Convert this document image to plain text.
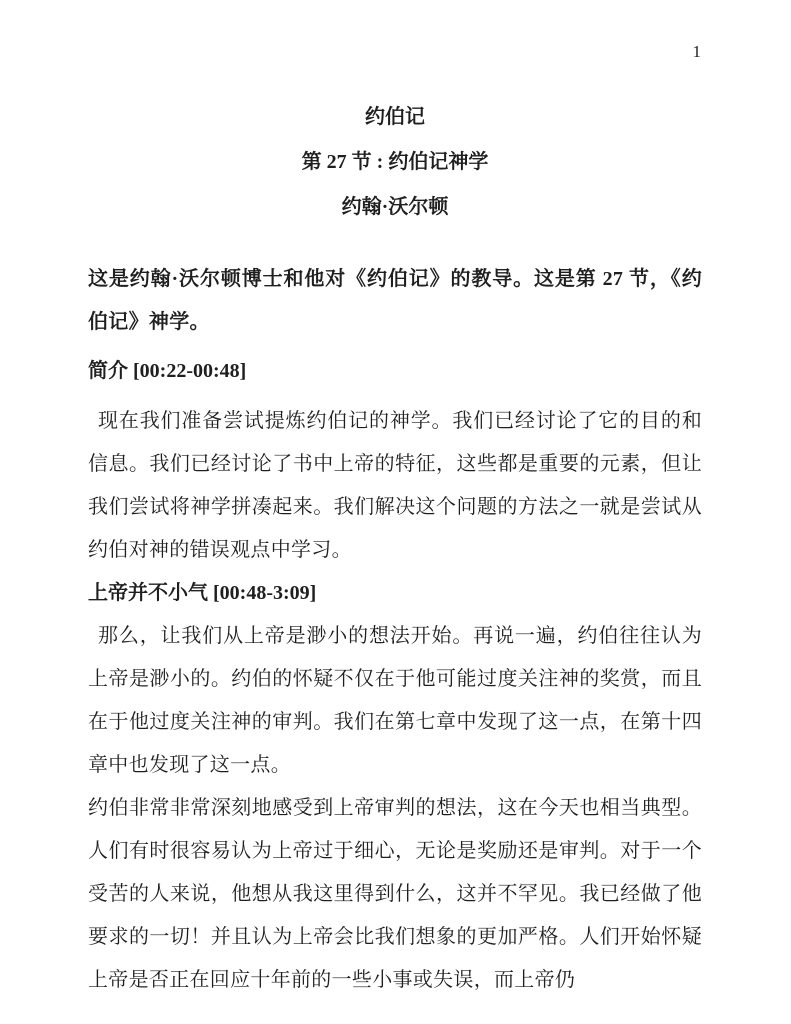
1
约伯记
第 27 节 : 约伯记神学
约翰·沃尔顿

这是约翰·沃尔顿博士和他对《约伯记》的教导。这是第 27 节，《约伯记》神学。

简介 [00:22-00:48]

现在我们准备尝试提炼约伯记的神学。我们已经讨论了它的目的和信息。我们已经讨论了书中上帝的特征，这些都是重要的元素，但让我们尝试将神学拼凑起来。我们解决这个问题的方法之一就是尝试从约伯对神的错误观点中学习。

上帝并不小气 [00:48-3:09]

那么，让我们从上帝是渺小的想法开始。再说一遍，约伯往往认为上帝是渺小的。约伯的怀疑不仅在于他可能过度关注神的奖赏，而且在于他过度关注神的审判。我们在第七章中发现了这一点，在第十四章中也发现了这一点。

约伯非常非常深刻地感受到上帝审判的想法，这在今天也相当典型。人们有时很容易认为上帝过于细心，无论是奖励还是审判。对于一个受苦的人来说，他想从我这里得到什么，这并不罕见。我已经做了他要求的一切！并且认为上帝会比我们想象的更加严格。人们开始怀疑上帝是否正在回应十年前的一些小事或失误，而上帝仍
